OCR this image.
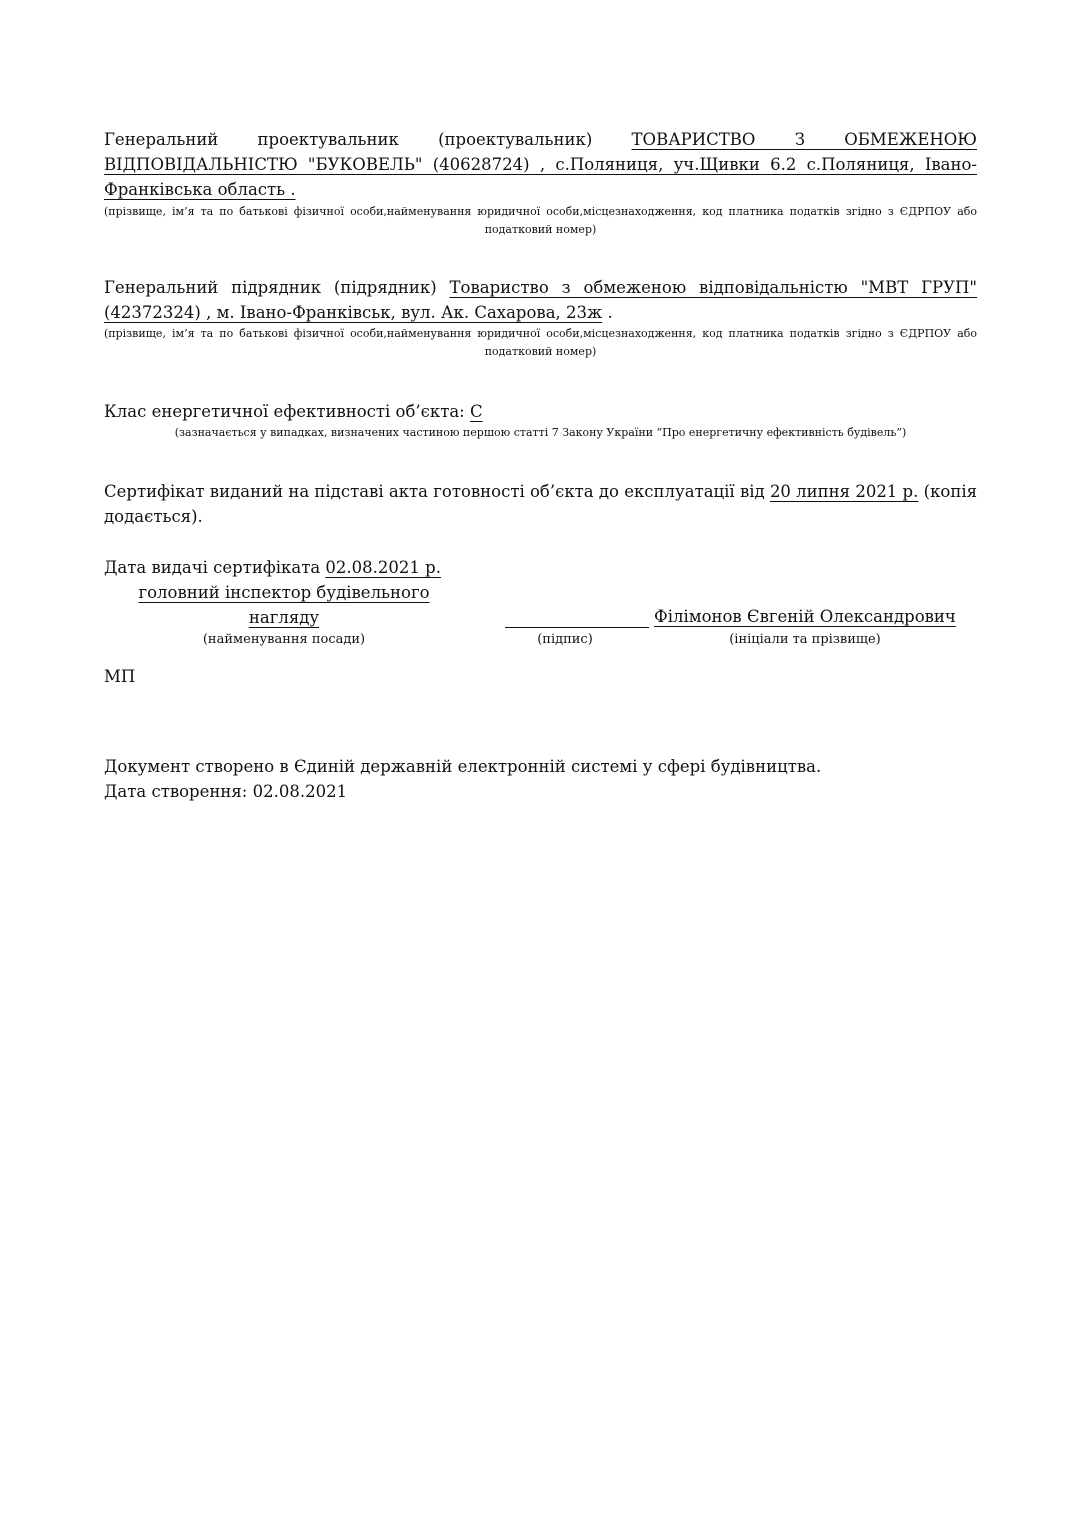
Генеральний проектувальник (проектувальник) ТОВАРИСТВО З ОБМЕЖЕНОЮ ВІДПОВІДАЛЬНІСТЮ "БУКОВЕЛЬ" (40628724) , с.Поляниця, уч.Щивки 6.2 с.Поляниця, Івано-Франківська область .
(прізвище, ім’я та по батькові фізичної особи,найменування юридичної особи,місцезнаходження, код платника податків згідно з ЄДРПОУ або податковий номер)
Генеральний підрядник (підрядник) Товариство з обмеженою відповідальністю "МВТ ГРУП" (42372324) , м. Івано-Франківськ, вул. Ак. Сахарова, 23ж .
(прізвище, ім’я та по батькові фізичної особи,найменування юридичної особи,місцезнаходження, код платника податків згідно з ЄДРПОУ або податковий номер)
Клас енергетичної ефективності об’єкта: С
(зазначається у випадках, визначених частиною першою статті 7 Закону України “Про енергетичну ефективність будівель”)
Сертифікат виданий на підставі акта готовності об’єкта до експлуатації від 20 липня 2021 р. (копія додається).
Дата видачі сертифіката 02.08.2021 р.
головний інспектор будівельного
нагляду
(найменування посади)	(підпис)
Філімонов Євгеній Олександрович
(ініціали та прізвище)
МП
Документ створено в Єдиній державній електронній системі у сфері будівництва.
Дата створення: 02.08.2021
